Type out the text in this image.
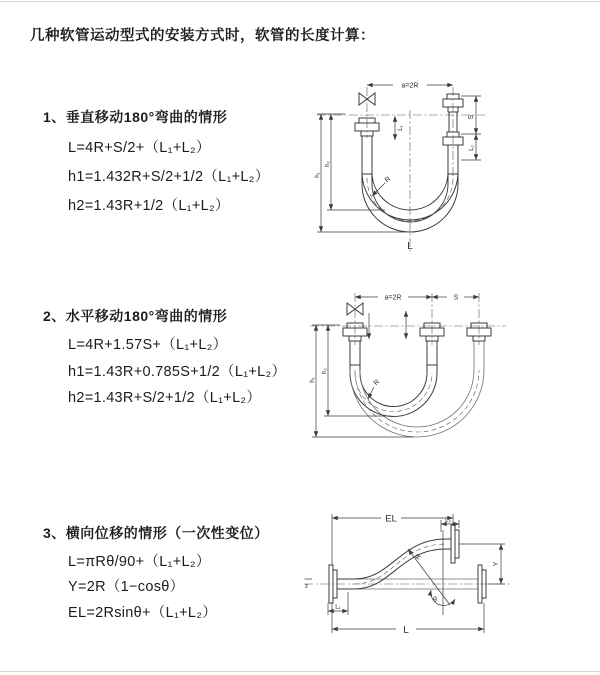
几种软管运动型式的安装方式时，软管的长度计算：
1、垂直移动180°弯曲的情形
L=4R+S/2+（L₁+L₂）
h1=1.432R+S/2+1/2（L₁+L₂）
h2=1.43R+1/2（L₁+L₂）
2、水平移动180°弯曲的情形
L=4R+1.57S+（L₁+L₂）
h1=1.43R+0.785S+1/2（L₁+L₂）
h2=1.43R+S/2+1/2（L₁+L₂）
3、横向位移的情形（一次性变位）
L=πRθ/90+（L₁+L₂）
Y=2R（1−cosθ）
EL=2Rsinθ+（L₁+L₂）
a=2R
S
L₂
L₁
h₁
h₂
R
L
a=2R	S
h₁
h₂
R
z
EL	L₂
Y
R
θ
L
L₁
